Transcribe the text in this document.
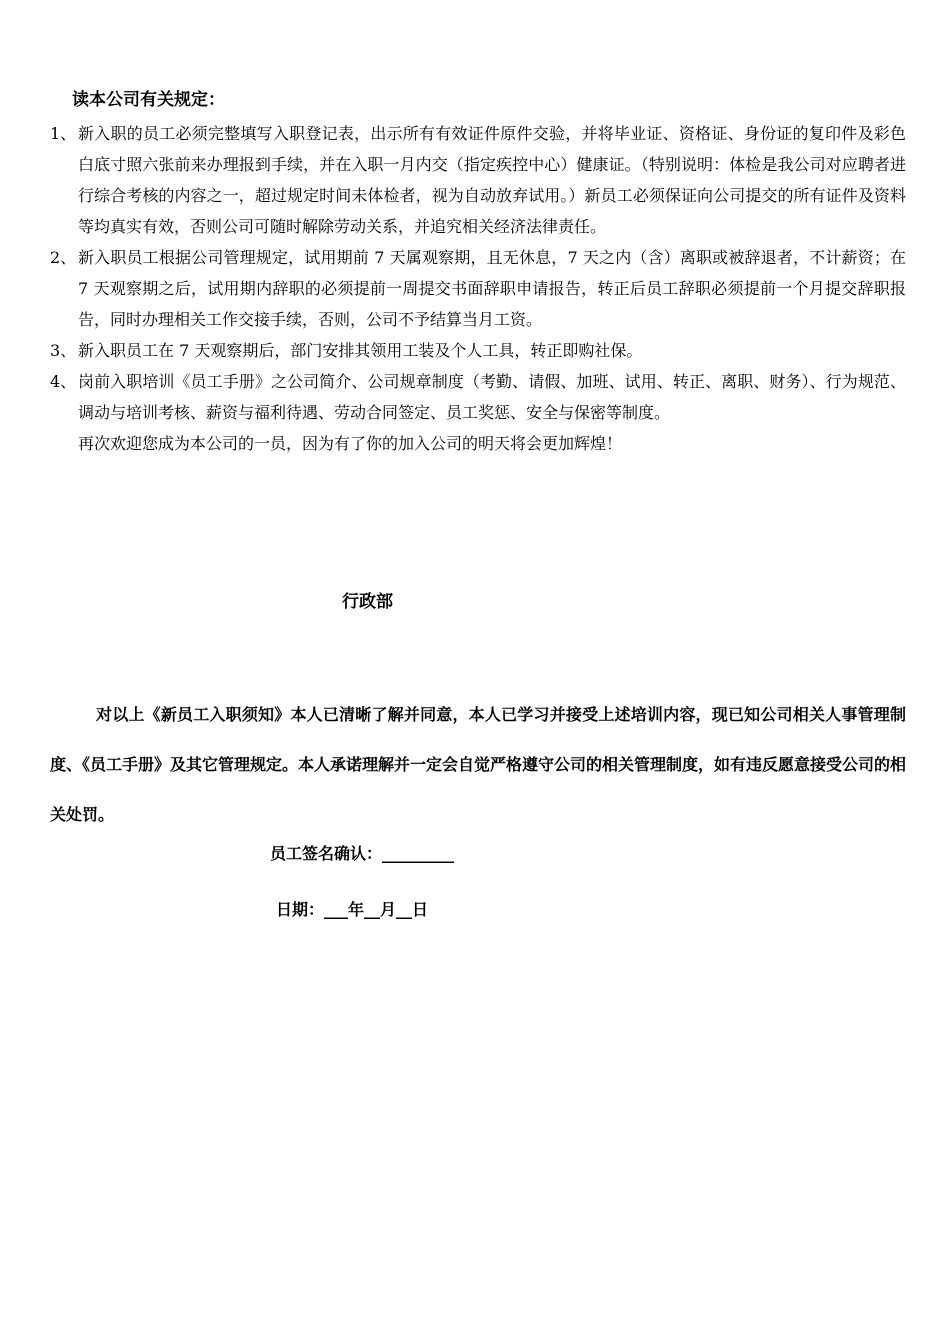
读本公司有关规定：
1、 新入职的员工必须完整填写入职登记表，出示所有有效证件原件交验，并将毕业证、资格证、身份证的复印件及彩色白底寸照六张前来办理报到手续，并在入职一月内交（指定疾控中心）健康证。（特别说明：体检是我公司对应聘者进行综合考核的内容之一，超过规定时间未体检者，视为自动放弃试用。）新员工必须保证向公司提交的所有证件及资料等均真实有效，否则公司可随时解除劳动关系，并追究相关经济法律责任。
2、 新入职员工根据公司管理规定，试用期前 7 天属观察期，且无休息，7 天之内（含）离职或被辞退者，不计薪资；在 7 天观察期之后，试用期内辞职的必须提前一周提交书面辞职申请报告，转正后员工辞职必须提前一个月提交辞职报告，同时办理相关工作交接手续，否则，公司不予结算当月工资。
3、 新入职员工在 7 天观察期后，部门安排其领用工装及个人工具，转正即购社保。
4、 岗前入职培训《员工手册》之公司简介、公司规章制度（考勤、请假、加班、试用、转正、离职、财务）、行为规范、调动与培训考核、薪资与福利待遇、劳动合同签定、员工奖惩、安全与保密等制度。
再次欢迎您成为本公司的一员，因为有了你的加入公司的明天将会更加辉煌！
行政部
对以上《新员工入职须知》本人已清晰了解并同意，本人已学习并接受上述培训内容，现已知公司相关人事管理制度、《员工手册》及其它管理规定。本人承诺理解并一定会自觉严格遵守公司的相关管理制度，如有违反愿意接受公司的相关处罚。
员工签名确认：_________
日期：___年__月__日
